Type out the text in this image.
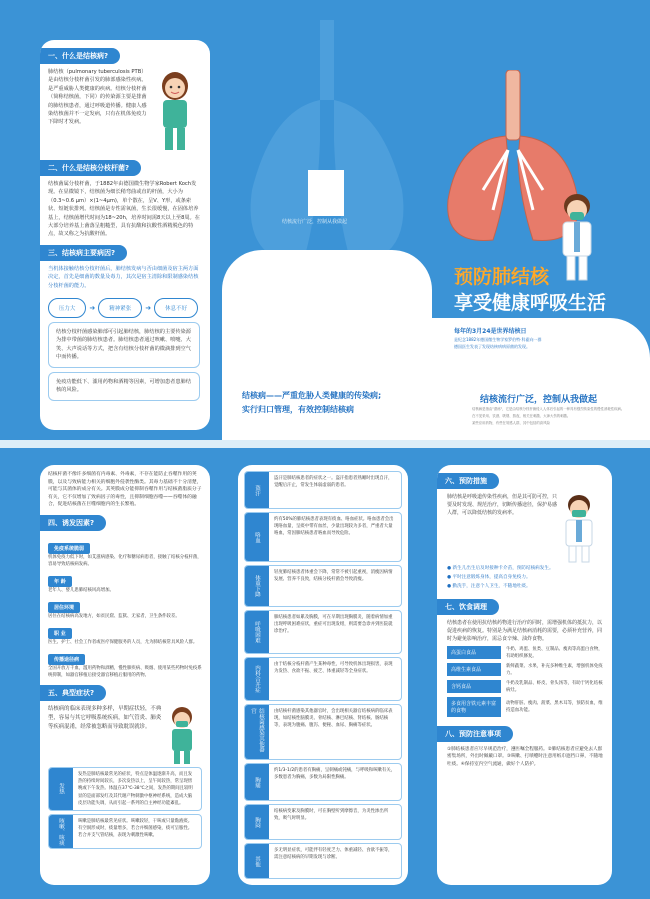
一、什么是结核病?
肺结核（pulmonary tuberculosis PTB）是由结核分枝杆菌引发的肺部感染性疾病。是严重威胁人类健康的疾病。结核分枝杆菌（简称结核菌，下同）的传染源主要是排菌的肺结核患者，通过呼吸道传播。健康人感染结核菌并不一定发病，只有在机体免疫力下降时才发病。
二、什么是结核分枝杆菌?
结核菌属分枝杆菌，于1882年由德国微生物学家Robert Koch发现。在显微镜下，结核菌为细长稍弯曲或直的杆菌，大小为（0.3~0.6 μm）×(1~4μm)，单个散在，呈V、Y形，或条索状、短链状排列。结核菌是专性需氧菌，生长很缓慢，在固体培养基上，结核菌增代时间为18~20h，培养时间需8天以上至8周。在大部分培养基上菌落呈粗糙型，具有抗酸和抗酸性酒精脱色的特点，故又称之为抗酸杆菌。
三、结核病主要病因?
当机体接触结核分枝杆菌后，肺结核发病与否由细菌及宿主两方面决定，首先是细菌的数量及毒力，其次是宿主清除和限制感染结核分枝杆菌的能力。
压力大	➜	精神紧张	➜	休息不好
结核分枝杆菌感染肺部可引起肺结核，肺结核的主要传染源为排中带菌的肺结核患者。肺结核患者通过咳嗽、喷嚏、大笑、大声说话等方式，把含有结核分枝杆菌的微滴排到空气中而传播。
免疫功能低下、滥用药物和酒精等因素，可增加患者患肺结核的风险。
结核流行广泛，控制从我做起
结核病——严重危胁人类健康的传染病;
实行归口管理，有效控制结核病
预防肺结核
享受健康呼吸生活
每年的3月24是世界结核日
是纪念1882年德国微生物学家罗伯特·科霍向一群
德国医生发表了发现结核病病原菌的发现。
结核流行广泛，控制从我做起
结核病是指由"溃疡"，它是由结核分枝杆菌侵入人体后引起的一种具有强烈传染性的慢性消耗性疾病。
在不见采用、饮酒、吸烟、熬夜，相关在刺激、大神大伤的刺激。
某些应用药物，有些在易感人群，其中包括的高风险
结核杆菌不像许多细菌有内毒素、外毒素，不存在能防止吞噬作用的荚膜，以及与致病能力相关的细胞外侵袭性酶类。其毒力基础不十分清楚，可能与其菌体的成分有关。其荚膜成分能抑制吞噬作用与结核菌脂质分子有关，它不仅增加了致病因子的毒性，且抑制细胞吞噬——吞噬体的融合，促进结核菌在巨噬细胞内的生长繁殖。
四、诱发因素?
免疫系统脆弱
机体免疫力低下时，如艾滋病感染、化疗和糖尿病患者，接触了结核分枝杆菌，容易导致结核病发病。
年 龄
老年人、婴儿患肺结核风高增加。
居住环境
居住在结核病高发地方，如贫民窟、监狱、无家者，卫生条件较差。
职 业
医生、护士、社会工作者或医疗保健服务的人员，尤为肺结核常具风险人群。
传播途径病
全国开放万千血，滥用药物和酒精，慢性肺疾病、吸烟、使用某些药物时免疫系统抑制，如器官移植后接受器官移植后服用的药物。
五、典型症状?
结核病的临床表现多种多样，早期症状轻，不典型，容易与其它呼吸系统疾病，如气管炎、肺炎等疾病混淆，经常被忽略而导致耽误就诊。
发热
发热是肺结核最常见的症状，特点是体温逐渐升高，而且发热的持续时间较长，多次发热以上，呈午间较热，常呈现傍晚或下午发热。体温在37℃-38℃之间，发热的期间且较明显的是面部发红及其代谢产物刺激中枢神经系统，造成大脑皮层功能失调，从而引起一系列的自主神经功能紊乱。
咳嗽、咳痰	咳嗽是肺结核最常见症状。咳嗽较轻，干咳或只量黏液痰。有空洞形成时，痰量增多，若合并细菌感染，痰可呈脓性。若合并支气管结核，表现为刺激性咳嗽。
盗汗
盗汗是肺结核患者的症状之一。盗汗指患者熟睡时出现自汗，觉醒后汗止，常发生体弱虚弱的患者。
咯血
约有50%的肺结核患者表现有痰血、咯血症状。咯血患者会出现咯血量，呈痰中带有血丝，少量出现较为多者，严重者大量咯血，常因肺结核患者咯血而导致危险。
体重下降
轻度肺结核患者体重会下降，常常不被引起重视，消瘦因病情发展、营养不良致，结核分枝杆菌会导致消瘦。
呼吸困难
肺结核患者如累及胸膜，可在早期出现胸膜炎，随着病情加重出现呼吸困难症状，重症可出现发绀，则需要急诊并到医院就诊治疗。
内科合并症
由于结核分枝杆菌产生某种毒性，可导致机体出现损害，表现为发热、食欲不振、疲乏、体重减轻等全身症状。
结核菌感染其他器官	由结核杆菌感染其他器官时，会出现相关器官结核病的临床表现，如结核性脑膜炎、骨结核、淋巴结核、肾结核、肠结核等，表现为腹痛、腹泻、便秘、血尿、胸痛等症状。
胸痛
约1/3-1/2的患者有胸痛，呈刺痛或钝痛，与呼吸和咳嗽有关，多数患者为胸痛，多数为局限性胸痛。
胸闷
结核病变累及胸膜时，可在胸壁听到摩擦音，为炎性渗出所致，吸气时明显。
其他
多无明显症状，可能伴有轻度乏力、体重减轻、食欲不振等，需注意结核病的早期发现与诊断。
六、预防措施
肺结核是呼吸道传染性疾病，但是其可防可控，只要及时发现、规范治疗，切断传播途径，保护易感人群，可以降低结核的发病率。
● 新生儿出生后及时接种卡介苗，预防结核病发生。
● 平时注意锻炼身体，提高自身免疫力。
● 勤洗手，注意个人卫生，不随地吐痰。
七、饮食调理
结核患者在使用抗结核药物进行治疗的同时，需增强机体的抵抗力，以促进疾病的恢复。特别是为满足结核病消耗的需要，必须补充营养，同时为避免影响治疗，需忌食辛辣、油炸食物。
高蛋白食品
牛奶、鸡蛋、鱼类、豆制品、瘦肉等高蛋白食物，有助组织修复。
高维生素食品
新鲜蔬菜、水果，补充多种维生素，增强机体免疫力。
含钙食品
牛奶及乳制品、虾皮、骨头汤等，有助于钙化结核病灶。
多食用含铁元素丰富的食物
动物肝脏、瘦肉、菠菜、黑木耳等，预防贫血，维持造血功能。
八、预防注意事项
①肺结核患者应尽早规范治疗，遵医嘱全程服药。②肺结核患者应避免去人群密集场所，外出时佩戴口罩。③咳嗽、打喷嚏时注意用纸巾遮挡口鼻，不随地吐痰。④保持室内空气流通，做好个人防护。
